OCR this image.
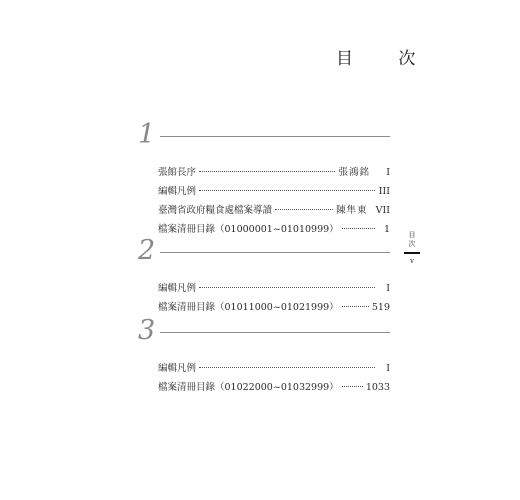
目 次
1
張館長序	張鴻銘	I
編輯凡例	III
臺灣省政府糧食處檔案導讀	陳隼東 VII
檔案清冊目錄（01000001~01010999）	1
2
編輯凡例	I
檔案清冊目錄（01011000~01021999）	519
3
編輯凡例	I
檔案清冊目錄（01022000~01032999）	1033
目
次
v
